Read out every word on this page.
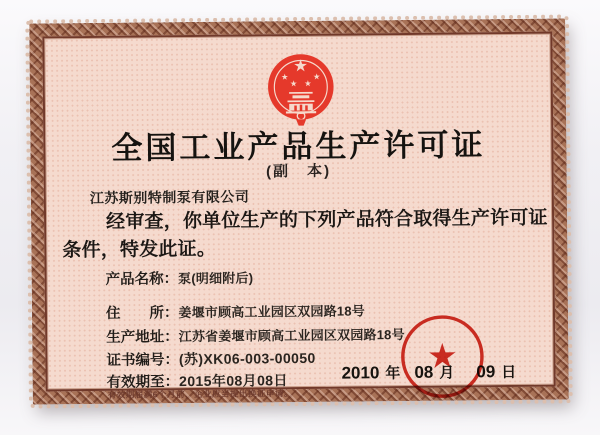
全国工业产品生产许可证
(副　本)
江苏斯别特制泵有限公司
经审查，你单位生产的下列产品符合取得生产许可证
条件，特发此证。
产品名称： 泵(明细附后)
住　　所： 姜堰市顾高工业园区双园路18号
生产地址： 江苏省姜堰市顾高工业园区双园路18号
证书编号： (苏)XK06-003-00050
有效期至： 2015年08月08日
有效期届满6个月前，企业应当提出换证申请。
2010 年 08 月 09 日
